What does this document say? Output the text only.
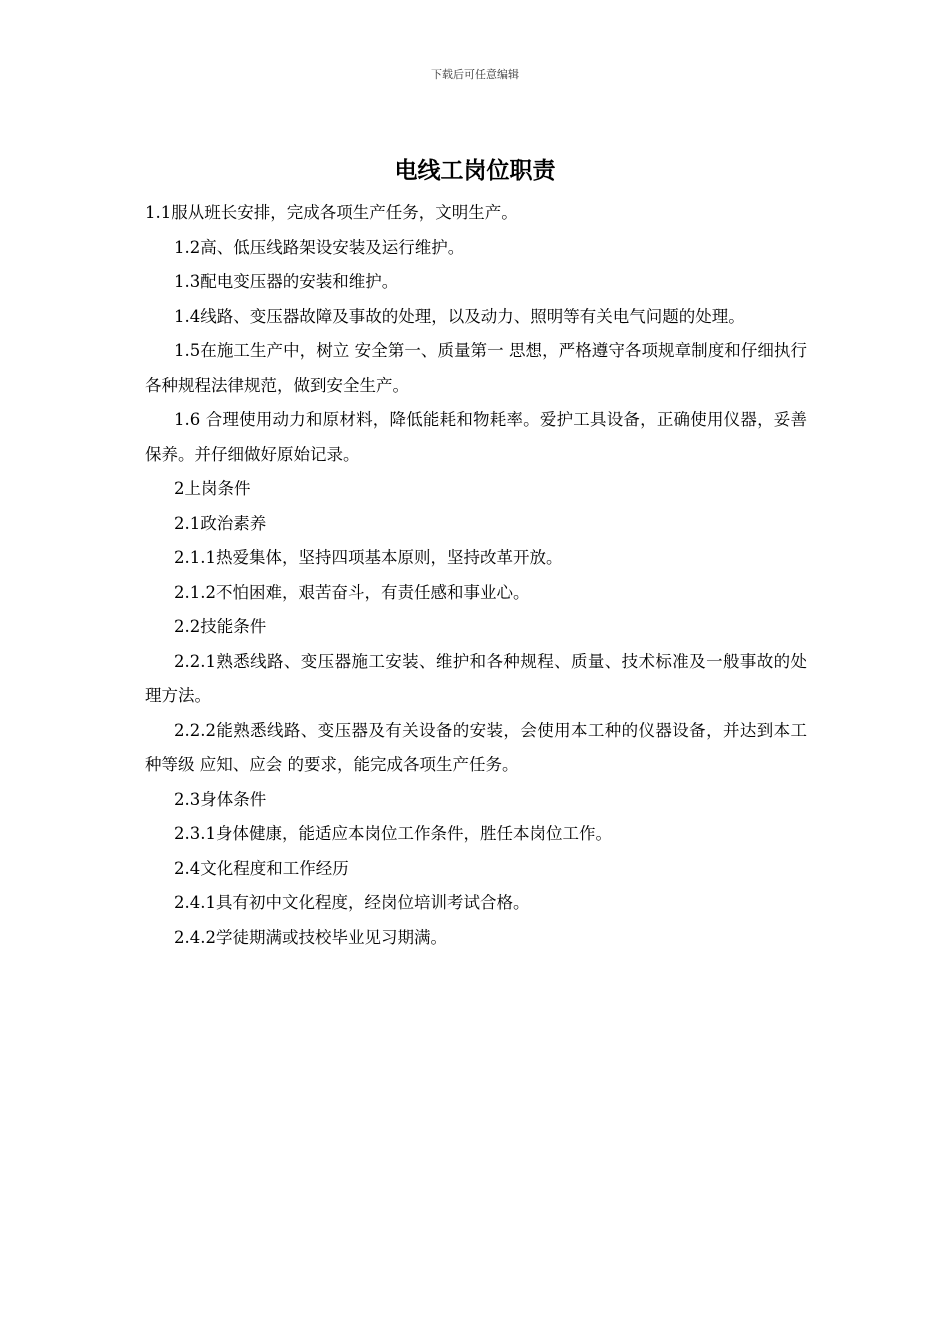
下载后可任意编辑
电线工岗位职责

1.1服从班长安排，完成各项生产任务，文明生产。

1.2高、低压线路架设安装及运行维护。

1.3配电变压器的安装和维护。

1.4线路、变压器故障及事故的处理，以及动力、照明等有关电气问题的处理。

1.5在施工生产中，树立 安全第一、质量第一 思想，严格遵守各项规章制度和仔细执行各种规程法律规范，做到安全生产。

1.6 合理使用动力和原材料，降低能耗和物耗率。爱护工具设备，正确使用仪器，妥善保养。并仔细做好原始记录。

2上岗条件

2.1政治素养

2.1.1热爱集体，坚持四项基本原则，坚持改革开放。

2.1.2不怕困难，艰苦奋斗，有责任感和事业心。

2.2技能条件

2.2.1熟悉线路、变压器施工安装、维护和各种规程、质量、技术标准及一般事故的处理方法。

2.2.2能熟悉线路、变压器及有关设备的安装，会使用本工种的仪器设备，并达到本工种等级 应知、应会 的要求，能完成各项生产任务。

2.3身体条件

2.3.1身体健康，能适应本岗位工作条件，胜任本岗位工作。

2.4文化程度和工作经历

2.4.1具有初中文化程度，经岗位培训考试合格。

2.4.2学徒期满或技校毕业见习期满。
